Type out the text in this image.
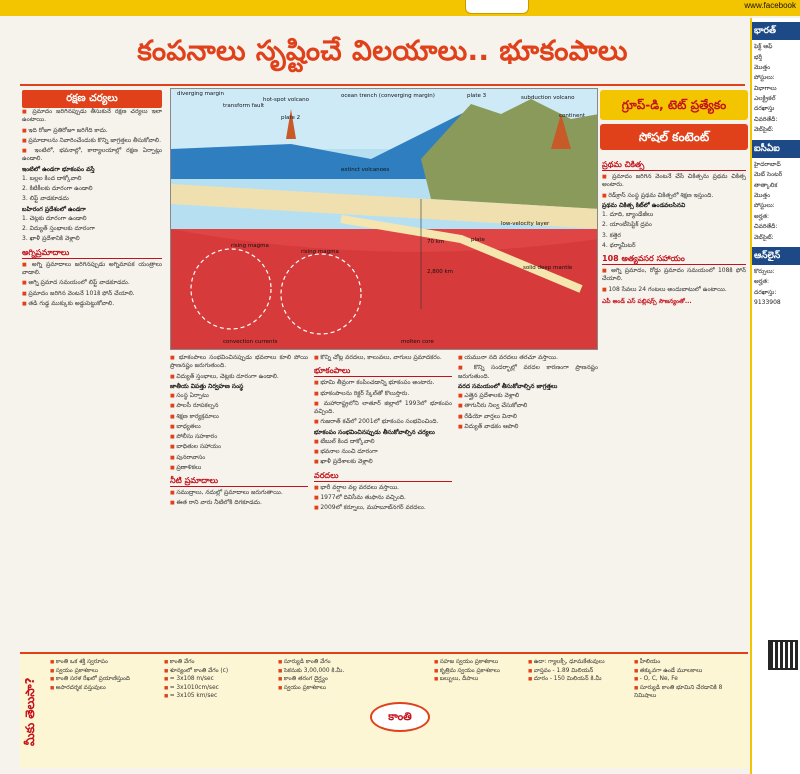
www.facebook
కంపనాలు సృష్టించే విలయాలు.. భూకంపాలు
రక్షణ చర్యలు

■ ప్రమాదం జరిగినప్పుడు తీసుకునే రక్షణ చర్యలు ఇలా ఉంటాయి.

■ ఇది రోజూ ప్రతిరోజూ జరిగేది కాదు.

■ ప్రమాదాలను నివారించేందుకు కొన్ని జాగ్రత్తలు తీసుకోవాలి.

■ ఇంటిలో, భవనాల్లో, కార్యాలయాల్లో రక్షణ ఏర్పాట్లు ఉండాలి.

ఇంటిలో ఉండగా భూకంపం వస్తే

1. బల్లల కింద దాక్కోవాలి

2. కిటికీలకు దూరంగా ఉండాలి

3. లిఫ్ట్ వాడకూడదు

బహిరంగ ప్రదేశంలో ఉండగా

1. చెట్లకు దూరంగా ఉండాలి

2. విద్యుత్ స్తంభాలకు దూరంగా

3. ఖాళీ ప్రదేశానికి వెళ్లాలి

అగ్నిప్రమాదాలు

■ అగ్ని ప్రమాదాలు జరిగినప్పుడు అగ్నిమాపక యంత్రాలు వాడాలి.

■ అగ్ని ప్రమాద సమయంలో లిఫ్ట్ వాడకూడదు.

■ ప్రమాదం జరిగిన వెంటనే 101కి ఫోన్ చేయాలి.

■ తడి గుడ్డ ముక్కుకు అడ్డుపెట్టుకోవాలి.

diverging margin
transform fault
hot-spot volcano
plate 2
ocean trench (converging margin)	plate 3	subduction volcano
continent
extinct volcanoes
rising magma
rising magma
70 km	plate
2,800 km
solid deep mantle
low-velocity layer
convection currents	molten core

■ భూకంపాలు సంభవించినప్పుడు భవనాలు కూలి పోయి ప్రాణనష్టం జరుగుతుంది.

■ విద్యుత్ స్తంభాలు, చెట్లకు దూరంగా ఉండాలి.

జాతీయ విపత్తు నిర్వహణ సంస్థ

■ సంస్థ ఏర్పాటు

■ పాలసీ రూపకల్పన

■ శిక్షణ కార్యక్రమాలు

■ బాధ్యతలు

■ పోలీసు సహకారం

■ బాధితుల సహాయం

■ పునరావాసం

■ ప్రణాళికలు

నీటి ప్రమాదాలు

■ సముద్రాలు, నదుల్లో ప్రమాదాలు జరుగుతాయి.

■ ఈత రాని వారు నీటిలోకి దిగకూడదు.

■ కొన్ని చోట్ల వరదలు, కాలువలు, వాగులు ప్రమాదకరం.

భూకంపాలు

■ భూమి తీవ్రంగా కంపించడాన్ని భూకంపం అంటారు.

■ భూకంపాలను రిక్టర్ స్కేల్‌తో కొలుస్తారు.

■ మహారాష్ట్రలోని లాతూర్ జిల్లాలో 1993లో భూకంపం వచ్చింది.

■ గుజరాత్ కచ్‌లో 2001లో భూకంపం సంభవించింది.

భూకంపం సంభవించినప్పుడు తీసుకోవాల్సిన చర్యలు

■ టేబుల్ కింద దాక్కోవాలి

■ భవనాల నుంచి దూరంగా

■ ఖాళీ ప్రదేశాలకు వెళ్లాలి

వరదలు

■ భారీ వర్షాల వల్ల వరదలు వస్తాయి.

■ 1977లో దివిసీమ తుఫాను వచ్చింది.

■ 2009లో కర్నూలు, మహబూబ్‌నగర్ వరదలు.

■ యమునా నది వరదలు తరచూ వస్తాయి.

■ కొన్ని సందర్భాల్లో వరదల కారణంగా ప్రాణనష్టం జరుగుతుంది.

వరద సమయంలో తీసుకోవాల్సిన జాగ్రత్తలు

■ ఎత్తైన ప్రదేశాలకు వెళ్లాలి

■ తాగునీరు నిల్వ చేసుకోవాలి

■ రేడియో వార్తలు వినాలి

■ విద్యుత్ వాడకం ఆపాలి

గ్రూప్-డి, టెట్ ప్రత్యేకం
సోషల్ కంటెంట్
ప్రథమ చికిత్స

■ ప్రమాదం జరిగిన వెంటనే చేసే చికిత్సను ప్రథమ చికిత్స అంటారు.

■ రెడ్‌క్రాస్ సంస్థ ప్రథమ చికిత్సలో శిక్షణ ఇస్తుంది.

ప్రథమ చికిత్స కిట్‌లో ఉండవలసినవి

1. దూది, బ్యాండేజీలు

2. యాంటీసెప్టిక్ ద్రవం

3. కత్తెర

4. థర్మామీటర్

108 అత్యవసర సహాయం

■ అగ్ని ప్రమాదం, రోడ్డు ప్రమాదం సమయంలో 108కి ఫోన్ చేయాలి.

■ 108 సేవలు 24 గంటలు అందుబాటులో ఉంటాయి.

ఎపీ అండ్ ఎస్ పబ్లిషర్స్ సౌజన్యంతో...

భారత్
ఫెక్ట్ ఆఫ్
భర్తీ
మొత్తం
పోస్టులు:
విభాగాలు
ఎలక్ట్రికల్
దరఖాస్తు
చివరితేదీ:
వెబ్‌సైట్:
ఐసీఏఐ
హైదరాబాద్
మెట్ సెంటర్
తాత్కాలిక
మొత్తం
పోస్టులు:
అర్హత:
చివరితేదీ:
వెబ్‌సైట్:
ఆన్‌లైన్
కొర్సులు:
అర్హత:
దరఖాస్తు:
9133908
మీకు తెలుసా?
■ కాంతి ఒక శక్తి స్వరూపం
■ స్వయం ప్రకాశకాలు
■ కాంతి సరళ రేఖలో ప్రయాణిస్తుంది
■ అపారదర్శక వస్తువులు
■ కాంతి వేగం
■ శూన్యంలో కాంతి వేగం (c)
■ = 3x108 m/sec
■ = 3x1010cm/sec
■ = 3x105 km/sec
■ సూర్యుడి కాంతి వేగం
■ సెకనుకు 3,00,000 కి.మీ.
■ కాంతి తరంగ దైర్ఘ్యం
■ స్వయం ప్రకాశకాలు
కాంతి
■ సహజ స్వయం ప్రకాశకాలు
■ కృత్రిమ స్వయం ప్రకాశకాలు
■ బల్బులు, దీపాలు
■ ఉదా: గ్యాలక్సీ, ధూమకేతువులు
■ వాస్తవం - 1.89 మిలియన్
■ దూరం - 150 మిలియన్ కి.మీ
■ హీలియం
■ తక్కువగా ఉండే మూలకాలు
■ - O, C, Ne, Fe
■ సూర్యుడి కాంతి భూమిని చేరడానికి 8 నిమిషాలు
